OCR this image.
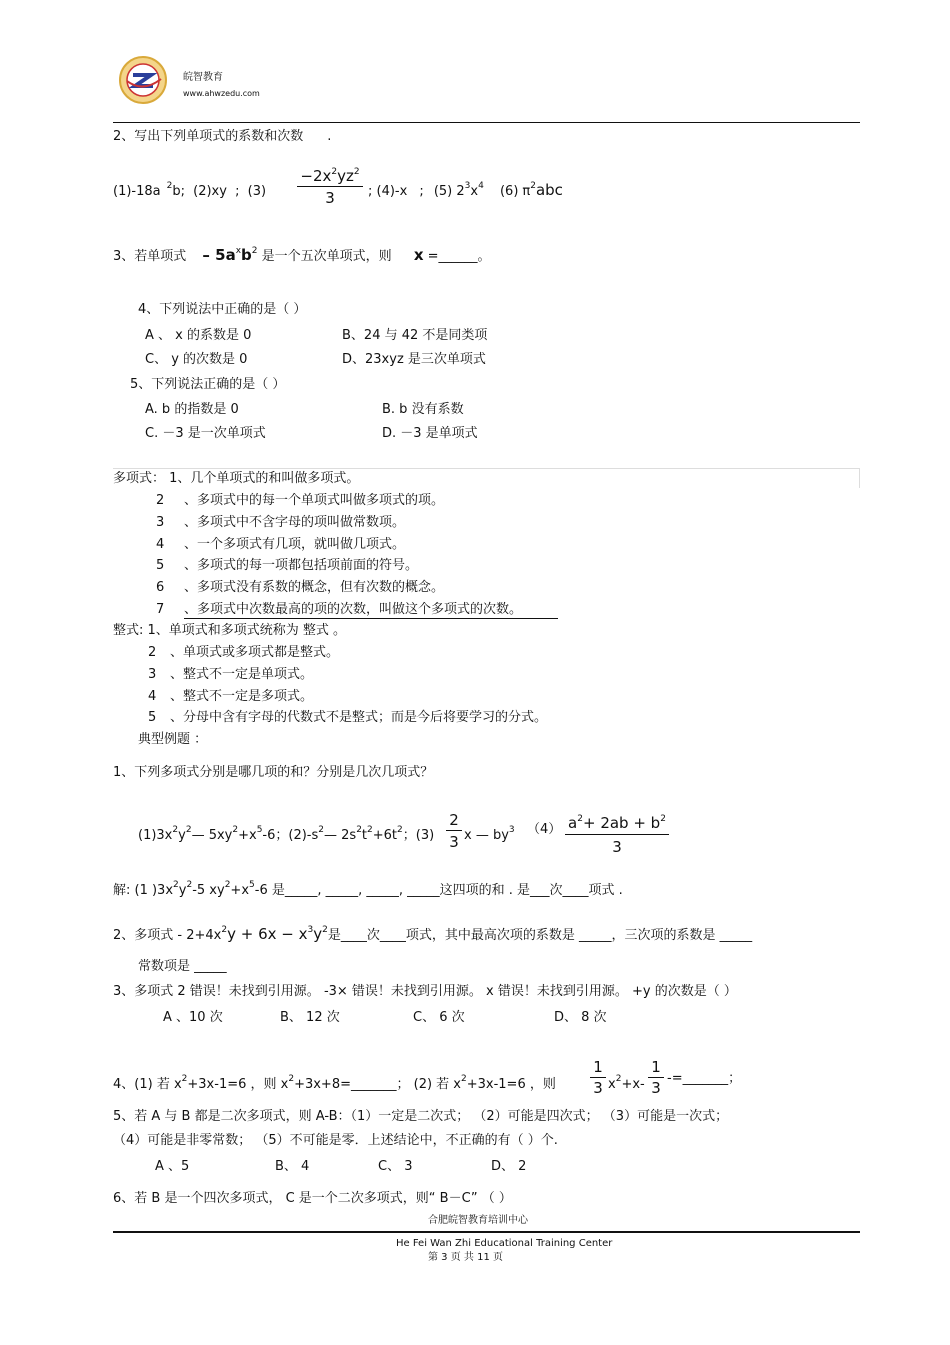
皖智教育
www.ahwzedu.com
2、写出下列单项式的系数和次数 .
(1)-18a $^2$b; (2)xy ; $(3) \frac{-2x^2yz^2}{3}$ ; (4)-x ; (5) $2^3x^4$ (6) $\pi^2abc$
3、若单项式 – $5a^xb^2$ 是一个五次单项式，则 x =______。
4、下列说法中正确的是（ ）
A 、 x 的系数是 0	B、24 与 42 不是同类项
C、 y 的次数是 0	D、23xyz 是三次单项式
5、下列说法正确的是（ ）
A. b 的指数是 0	B. b 没有系数
C. －3 是一次单项式	D. －3 是单项式
多项式： 1、几个单项式的和叫做多项式。
2 、多项式中的每一个单项式叫做多项式的项。
3 、多项式中不含字母的项叫做常数项。
4 、一个多项式有几项，就叫做几项式。
5 、多项式的每一项都包括项前面的符号。
6 、多项式没有系数的概念，但有次数的概念。
7 、多项式中次数最高的项的次数，叫做这个多项式的次数。
整式: 1、单项式和多项式统称为 整式 。
2 、单项式或多项式都是整式。
3 、整式不一定是单项式。
4 、整式不一定是多项式。
5 、分母中含有字母的代数式不是整式；而是今后将要学习的分式。
典型例题 ：
1、下列多项式分别是哪几项的和？分别是几次几项式？
$(1)3x^2y^2—$ $5xy^2+x^5-6$；$(2)-s^2—$ $2s^2t^2+6t^2$；$(3) \frac{2}{3}$ x — $by^3$ $(4) \frac{a^2+ 2ab + b^2}{3}$
解: (1 )$3x^2y^2-5$ $xy^2+x^5-6$ 是_____, _____, _____, _____这四项的和 . 是___次____项式 .
2、多项式 - $2+4x^2y + 6x - x^3y^2$是____次____项式，其中最高次项的系数是 _____，三次项的系数是 _____
常数项是 _____
3、多项式 2 错误！未找到引用源。 -3× 错误！未找到引用源。 x 错误！未找到引用源。 +y 的次数是（ ）
A 、10 次	B、 12 次	C、 6 次	D、 8 次
4、(1) 若 $x^2+3x-1=6$ ，则 $x^2+3x+8=\_\_\_\_\_\_\_$； (2) 若 $x^2+3x-1=6$ ，则 $\frac{1}{3} x^2+x- \frac{1}{3}$ -=_______；
5、若 A 与 B 都是二次多项式，则 A-B：（1）一定是二次式； （2）可能是四次式； （3）可能是一次式；
（4）可能是非零常数； （5）不可能是零．上述结论中，不正确的有（ ）个.
A 、5	B、 4	C、 3	D、 2
6、若 B 是一个四次多项式， C 是一个二次多项式，则“ B－C” （ ）
合肥皖智教育培训中心
He Fei Wan Zhi Educational Training Center
第 3 页 共 11 页
